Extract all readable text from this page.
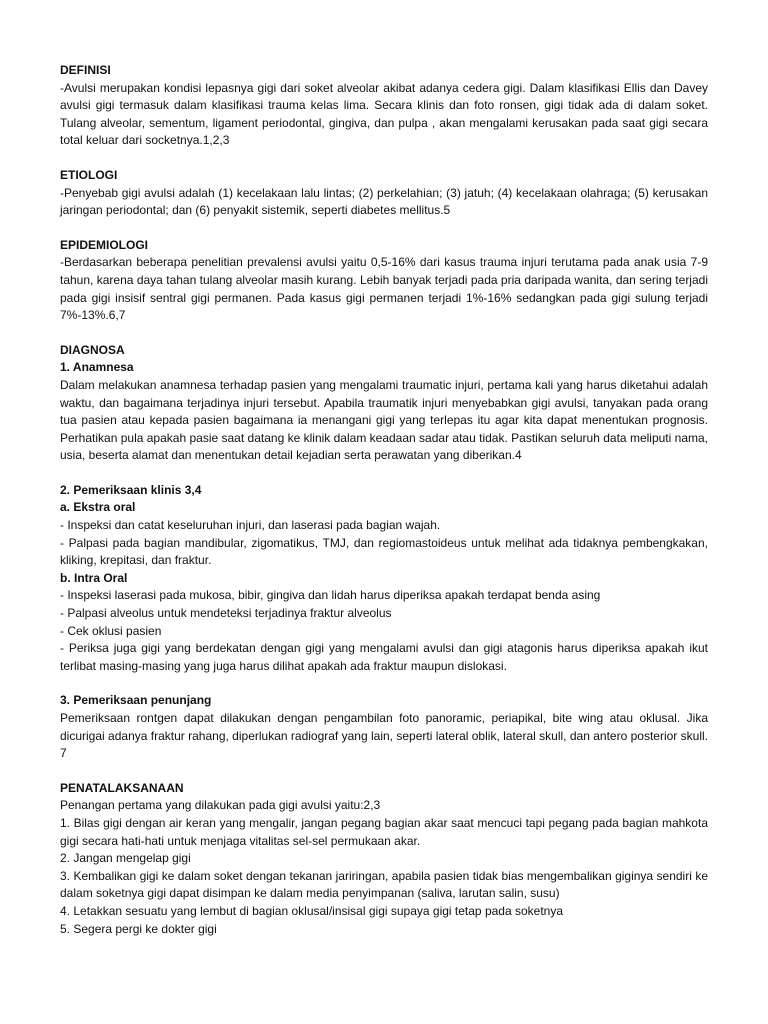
DEFINISI

-Avulsi merupakan kondisi lepasnya gigi dari soket alveolar akibat adanya cedera gigi. Dalam klasifikasi Ellis dan Davey avulsi gigi termasuk dalam klasifikasi trauma kelas lima. Secara klinis dan foto ronsen, gigi tidak ada di dalam soket. Tulang alveolar, sementum, ligament periodontal, gingiva, dan pulpa , akan mengalami kerusakan pada saat gigi secara total keluar dari socketnya.1,2,3

ETIOLOGI

-Penyebab gigi avulsi adalah (1) kecelakaan lalu lintas; (2) perkelahian; (3) jatuh; (4) kecelakaan olahraga; (5) kerusakan jaringan periodontal; dan (6) penyakit sistemik, seperti diabetes mellitus.5

EPIDEMIOLOGI

-Berdasarkan beberapa penelitian prevalensi avulsi yaitu 0,5-16% dari kasus trauma injuri terutama pada anak usia 7-9 tahun, karena daya tahan tulang alveolar masih kurang. Lebih banyak terjadi pada pria daripada wanita, dan sering terjadi pada gigi insisif sentral gigi permanen. Pada kasus gigi permanen terjadi 1%-16% sedangkan pada gigi sulung terjadi 7%-13%.6,7

DIAGNOSA

1. Anamnesa

Dalam melakukan anamnesa terhadap pasien yang mengalami traumatic injuri, pertama kali yang harus diketahui adalah waktu, dan bagaimana terjadinya injuri tersebut. Apabila traumatik injuri menyebabkan gigi avulsi, tanyakan pada orang tua pasien atau kepada pasien bagaimana ia menangani gigi yang terlepas itu agar kita dapat menentukan prognosis. Perhatikan pula apakah pasie saat datang ke klinik dalam keadaan sadar atau tidak. Pastikan seluruh data meliputi nama, usia, beserta alamat dan menentukan detail kejadian serta perawatan yang diberikan.4

2. Pemeriksaan klinis 3,4

a. Ekstra oral

- Inspeksi dan catat keseluruhan injuri, dan laserasi pada bagian wajah.

- Palpasi pada bagian mandibular, zigomatikus, TMJ, dan regiomastoideus untuk melihat ada tidaknya pembengkakan, kliking, krepitasi, dan fraktur.

b. Intra Oral

- Inspeksi laserasi pada mukosa, bibir, gingiva dan lidah harus diperiksa apakah terdapat benda asing

- Palpasi alveolus untuk mendeteksi terjadinya fraktur alveolus

- Cek oklusi pasien

- Periksa juga gigi yang berdekatan dengan gigi yang mengalami avulsi dan gigi atagonis harus diperiksa apakah ikut terlibat masing-masing yang juga harus dilihat apakah ada fraktur maupun dislokasi.

3. Pemeriksaan penunjang

Pemeriksaan rontgen dapat dilakukan dengan pengambilan foto panoramic, periapikal, bite wing atau oklusal. Jika dicurigai adanya fraktur rahang, diperlukan radiograf yang lain, seperti lateral oblik, lateral skull, dan antero posterior skull. 7

PENATALAKSANAAN

Penangan pertama yang dilakukan pada gigi avulsi yaitu:2,3

1. Bilas gigi dengan air keran yang mengalir, jangan pegang bagian akar saat mencuci tapi pegang pada bagian mahkota gigi secara hati-hati untuk menjaga vitalitas sel-sel permukaan akar.

2. Jangan mengelap gigi

3. Kembalikan gigi ke dalam soket dengan tekanan jariringan, apabila pasien tidak bias mengembalikan giginya sendiri ke dalam soketnya gigi dapat disimpan ke dalam media penyimpanan (saliva, larutan salin, susu)

4. Letakkan sesuatu yang lembut di bagian oklusal/insisal gigi supaya gigi tetap pada soketnya

5. Segera pergi ke dokter gigi
